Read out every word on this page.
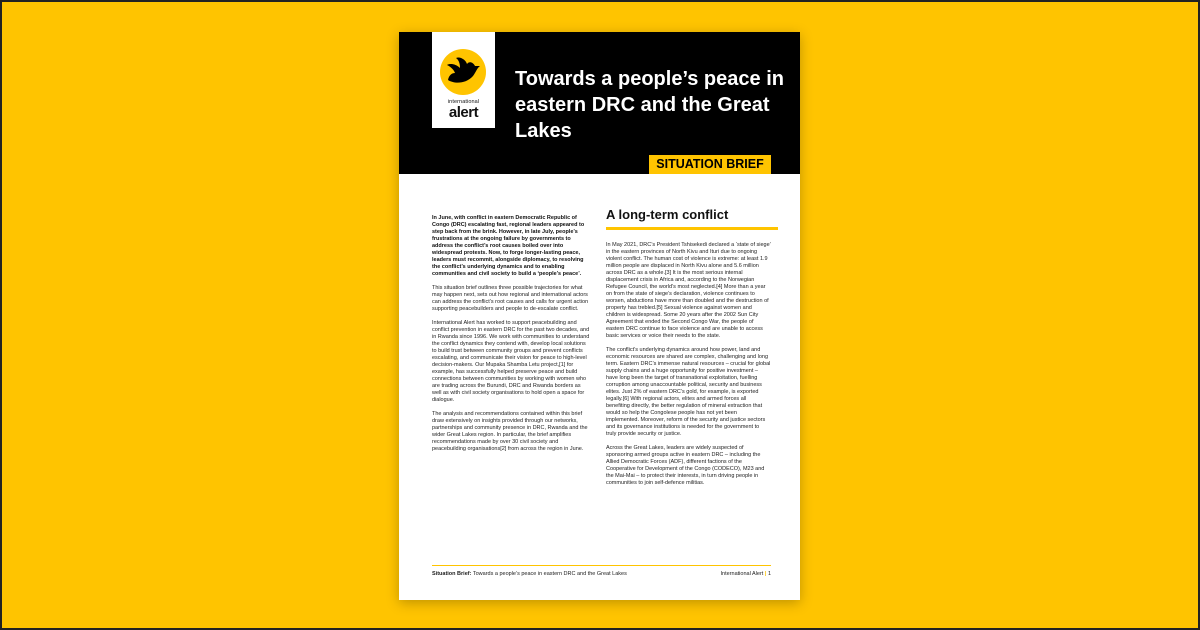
international
alert
Towards a people’s peace in eastern DRC and the Great Lakes
SITUATION BRIEF

In June, with conflict in eastern Democratic Republic of Congo (DRC) escalating fast, regional leaders appeared to step back from the brink. However, in late July, people’s frustrations at the ongoing failure by governments to address the conflict’s root causes boiled over into widespread protests. Now, to forge longer-lasting peace, leaders must recommit, alongside diplomacy, to resolving the conflict’s underlying dynamics and to enabling communities and civil society to build a ‘people’s peace’.

This situation brief outlines three possible trajectories for what may happen next, sets out how regional and international actors can address the conflict’s root causes and calls for urgent action supporting peacebuilders and people to de-escalate conflict.

International Alert has worked to support peacebuilding and conflict prevention in eastern DRC for the past two decades, and in Rwanda since 1996. We work with communities to understand the conflict dynamics they contend with, develop local solutions to build trust between community groups and prevent conflicts escalating, and communicate their vision for peace to high-level decision-makers. Our Mupaka Shamba Letu project,[1] for example, has successfully helped preserve peace and build connections between communities by working with women who are trading across the Burundi, DRC and Rwanda borders as well as with civil society organisations to hold open a space for dialogue.

The analysis and recommendations contained within this brief draw extensively on insights provided through our networks, partnerships and community presence in DRC, Rwanda and the wider Great Lakes region. In particular, the brief amplifies recommendations made by over 30 civil society and peacebuilding organisations[2] from across the region in June.

A long-term conflict

In May 2021, DRC’s President Tshisekedi declared a ‘state of siege’ in the eastern provinces of North Kivu and Ituri due to ongoing violent conflict. The human cost of violence is extreme: at least 1.9 million people are displaced in North Kivu alone and 5.6 million across DRC as a whole.[3] It is the most serious internal displacement crisis in Africa and, according to the Norwegian Refugee Council, the world’s most neglected.[4] More than a year on from the state of siege’s declaration, violence continues to worsen, abductions have more than doubled and the destruction of property has trebled.[5] Sexual violence against women and children is widespread. Some 20 years after the 2002 Sun City Agreement that ended the Second Congo War, the people of eastern DRC continue to face violence and are unable to access basic services or voice their needs to the state.

The conflict’s underlying dynamics around how power, land and economic resources are shared are complex, challenging and long term. Eastern DRC’s immense natural resources – crucial for global supply chains and a huge opportunity for positive investment – have long been the target of transnational exploitation, fuelling corruption among unaccountable political, security and business elites. Just 2% of eastern DRC’s gold, for example, is exported legally.[6] With regional actors, elites and armed forces all benefiting directly, the better regulation of mineral extraction that would so help the Congolese people has not yet been implemented. Moreover, reform of the security and justice sectors and its governance institutions is needed for the government to truly provide security or justice.

Across the Great Lakes, leaders are widely suspected of sponsoring armed groups active in eastern DRC – including the Allied Democratic Forces (ADF), different factions of the Cooperative for Development of the Congo (CODECO), M23 and the Mai-Mai – to protect their interests, in turn driving people in communities to join self-defence militias.

Situation Brief: Towards a people’s peace in eastern DRC and the Great Lakes	International Alert | 1
